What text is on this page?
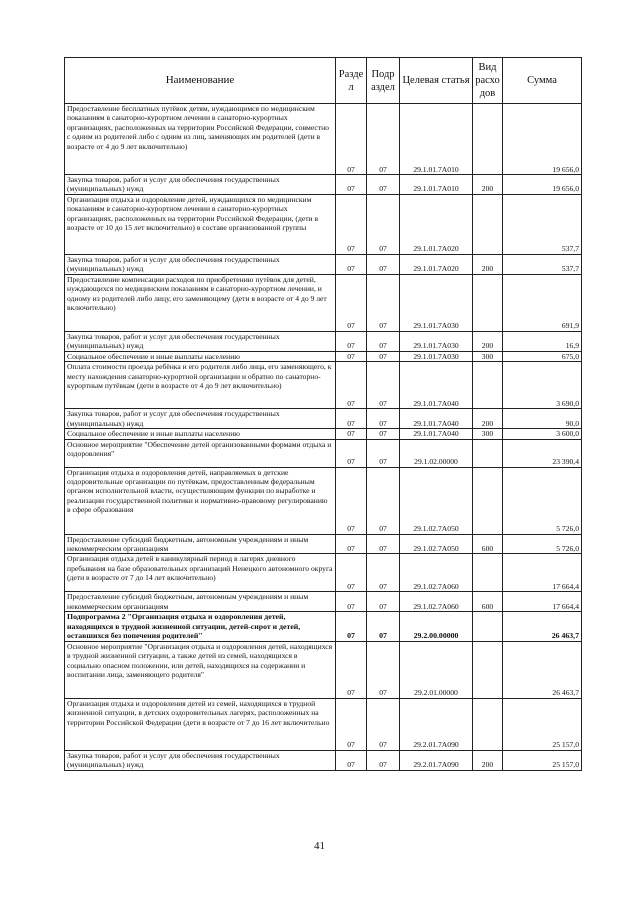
Наименование	Разде л	Подр аздел	Целевая статья	Вид расхо дов	Сумма
Предоставление бесплатных путёвок детям, нуждающимся по медицинским показаниям в санаторно-курортном лечении в санаторно-курортных организациях, расположенных на территории Российской Федерации, совместно с одним из родителей либо с одним из лиц, заменяющих им родителей (дети в возрасте от 4 до 9 лет включительно)	07	07	29.1.01.7А010		19 656,0
Закупка товаров, работ и услуг для обеспечения государственных (муниципальных) нужд	07	07	29.1.01.7А010	200	19 656,0
Организация отдыха и оздоровление детей, нуждающихся по медицинским показаниям в санаторно-курортном лечении в санаторно-курортных организациях, расположенных на территории Российской Федерации, (дети в возрасте от 10 до 15 лет включительно) в составе организованной группы	07	07	29.1.01.7А020		537,7
Закупка товаров, работ и услуг для обеспечения государственных (муниципальных) нужд	07	07	29.1.01.7А020	200	537,7
Предоставление компенсации расходов по приобретению путёвок для детей, нуждающихся по медицинским показаниям в санаторно-курортном лечении, и одному из родителей либо лицу, его заменяющему (дети в возрасте от 4 до 9 лет включительно)	07	07	29.1.01.7А030		691,9
Закупка товаров, работ и услуг для обеспечения государственных (муниципальных) нужд	07	07	29.1.01.7А030	200	16,9
Социальное обеспечение и иные выплаты населению	07	07	29.1.01.7А030	300	675,0
Оплата стоимости проезда ребёнка и его родителя либо лица, его заменяющего, к месту нахождения санаторно-курортной организации и обратно по санаторно-курортным путёвкам (дети в возрасте от 4 до 9 лет включительно)	07	07	29.1.01.7А040		3 690,0
Закупка товаров, работ и услуг для обеспечения государственных (муниципальных) нужд	07	07	29.1.01.7А040	200	90,0
Социальное обеспечение и иные выплаты населению	07	07	29.1.01.7А040	300	3 600,0
Основное мероприятие "Обеспечение детей организованными формами отдыха и оздоровления"	07	07	29.1.02.00000		23 390,4
Организация отдыха и оздоровления детей, направляемых в детские оздоровительные организации по путёвкам, предоставленным федеральным органом исполнительной власти, осуществляющим функции по выработке и реализации государственной политики и нормативно-правовому регулированию в сфере образования	07	07	29.1.02.7А050		5 726,0
Предоставление субсидий бюджетным, автономным учреждениям и иным некоммерческим организациям	07	07	29.1.02.7А050	600	5 726,0
Организация отдыха детей в каникулярный период в лагерях дневного пребывания на базе образовательных организаций Ненецкого автономного округа (дети в возрасте от 7 до 14 лет включительно)	07	07	29.1.02.7А060		17 664,4
Предоставление субсидий бюджетным, автономным учреждениям и иным некоммерческим организациям	07	07	29.1.02.7А060	600	17 664,4
Подпрограмма 2 "Организация отдыха и оздоровления детей, находящихся в трудной жизненной ситуации, детей-сирот и детей, оставшихся без попечения родителей"	07	07	29.2.00.00000		26 463,7
Основное мероприятие "Организация отдыха и оздоровления детей, находящихся в трудной жизненной ситуации, а также детей из семей, находящихся в социально опасном положении, или детей, находящихся на содержании и воспитании лица, заменяющего родителя"	07	07	29.2.01.00000		26 463,7
Организация отдыха и оздоровления детей из семей, находящихся в трудной жизненной ситуации, в детских оздоровительных лагерях, расположенных на территории Российской Федерации (дети в возрасте от 7 до 16 лет включительно	07	07	29.2.01.7А090		25 157,0
Закупка товаров, работ и услуг для обеспечения государственных (муниципальных) нужд	07	07	29.2.01.7А090	200	25 157,0
41
